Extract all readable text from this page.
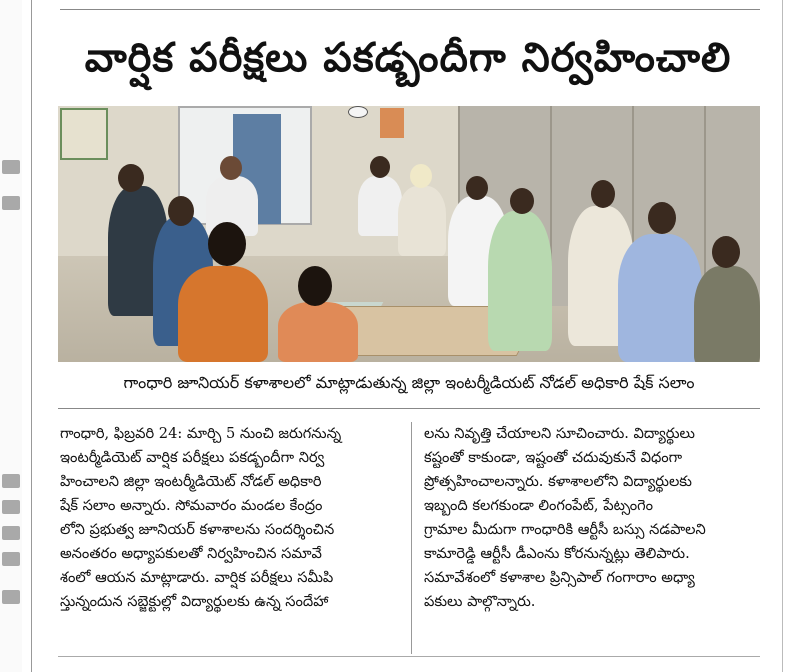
వార్షిక పరీక్షలు పకడ్బందీగా నిర్వహించాలి
గాంధారి జూనియర్ కళాశాలలో మాట్లాడుతున్న జిల్లా ఇంటర్మీడియట్ నోడల్ అధికారి షేక్ సలాం
గాంధారి, ఫిబ్రవరి 24: మార్చి 5 నుంచి జరుగనున్న
ఇంటర్మీడియెట్ వార్షిక పరీక్షలు పకడ్బందీగా నిర్వ
హించాలని జిల్లా ఇంటర్మీడియెట్ నోడల్ అధికారి
షేక్ సలాం అన్నారు. సోమవారం మండల కేంద్రం
లోని ప్రభుత్వ జూనియర్ కళాశాలను సందర్శించిన
అనంతరం అధ్యాపకులతో నిర్వహించిన సమావే
శంలో ఆయన మాట్లాడారు. వార్షిక పరీక్షలు సమీపి
స్తున్నందున సబ్జెక్టుల్లో విద్యార్థులకు ఉన్న సందేహా
లను నివృత్తి చేయాలని సూచించారు. విద్యార్థులు
కష్టంతో కాకుండా, ఇష్టంతో చదువుకునే విధంగా
ప్రోత్సహించాలన్నారు. కళాశాలలోని విద్యార్థులకు
ఇబ్బంది కలగకుండా లింగంపేట్, పేట్సంగెం
గ్రామాల మీదుగా గాంధారికి ఆర్టీసీ బస్సు నడపాలని
కామారెడ్డి ఆర్టీసీ డీఎంను కోరనున్నట్లు తెలిపారు.
సమావేశంలో కళాశాల ప్రిన్సిపాల్ గంగారాం అధ్యా
పకులు పాల్గొన్నారు.
